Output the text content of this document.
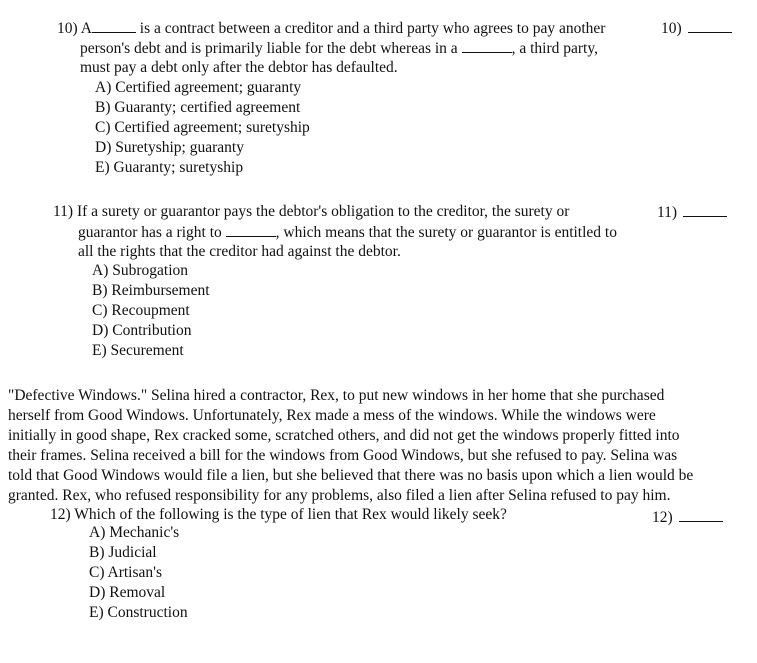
10) A	is a contract between a creditor and a third party who agrees to pay another	10)
person's debt and is primarily liable for the debt whereas in a	, a third party,
must pay a debt only after the debtor has defaulted.
A) Certified agreement; guaranty
B) Guaranty; certified agreement
C) Certified agreement; suretyship
D) Suretyship; guaranty
E) Guaranty; suretyship
11) If a surety or guarantor pays the debtor's obligation to the creditor, the surety or	11)
guarantor has a right to	, which means that the surety or guarantor is entitled to
all the rights that the creditor had against the debtor.
A) Subrogation
B) Reimbursement
C) Recoupment
D) Contribution
E) Securement
"Defective Windows." Selina hired a contractor, Rex, to put new windows in her home that she purchased
herself from Good Windows. Unfortunately, Rex made a mess of the windows. While the windows were
initially in good shape, Rex cracked some, scratched others, and did not get the windows properly fitted into
their frames. Selina received a bill for the windows from Good Windows, but she refused to pay. Selina was
told that Good Windows would file a lien, but she believed that there was no basis upon which a lien would be
granted. Rex, who refused responsibility for any problems, also filed a lien after Selina refused to pay him.
12) Which of the following is the type of lien that Rex would likely seek?	12)
A) Mechanic's
B) Judicial
C) Artisan's
D) Removal
E) Construction
